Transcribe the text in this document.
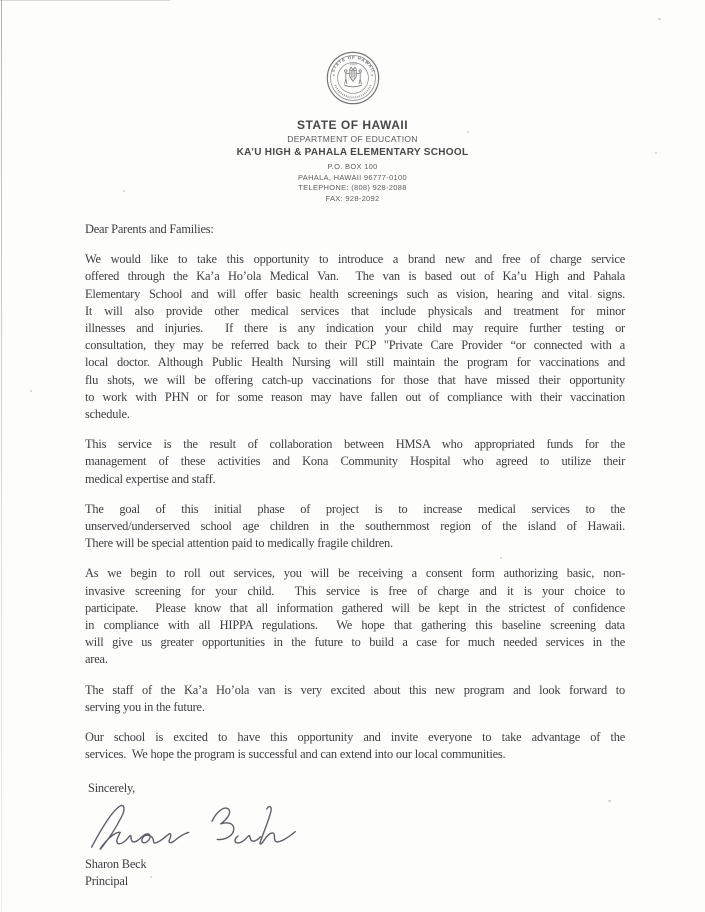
STATE OF HAWAII
1959
STATE OF HAWAII
DEPARTMENT OF EDUCATION
KA’U HIGH & PAHALA ELEMENTARY SCHOOL
P.O. BOX 100
PAHALA, HAWAII 96777-0100
TELEPHONE: (808) 928-2088
FAX: 928-2092
Dear Parents and Families:
We would like to take this opportunity to introduce a brand new and free of charge service
offered through the Ka’a Ho’ola Medical Van.  The van is based out of Ka’u High and Pahala
Elementary School and will offer basic health screenings such as vision, hearing and vital signs.
It will also provide other medical services that include physicals and treatment for minor
illnesses and injuries.  If there is any indication your child may require further testing or
consultation, they may be referred back to their PCP "Private Care Provider “or connected with a
local doctor. Although Public Health Nursing will still maintain the program for vaccinations and
flu shots, we will be offering catch-up vaccinations for those that have missed their opportunity
to work with PHN or for some reason may have fallen out of compliance with their vaccination
schedule.
This service is the result of collaboration between HMSA who appropriated funds for the
management of these activities and Kona Community Hospital who agreed to utilize their
medical expertise and staff.
The goal of this initial phase of project is to increase medical services to the
unserved/underserved school age children in the southernmost region of the island of Hawaii.
There will be special attention paid to medically fragile children.
As we begin to roll out services, you will be receiving a consent form authorizing basic, non-
invasive screening for your child.  This service is free of charge and it is your choice to
participate.  Please know that all information gathered will be kept in the strictest of confidence
in compliance with all HIPPA regulations.  We hope that gathering this baseline screening data
will give us greater opportunities in the future to build a case for much needed services in the
area.
The staff of the Ka’a Ho’ola van is very excited about this new program and look forward to
serving you in the future.
Our school is excited to have this opportunity and invite everyone to take advantage of the
services.  We hope the program is successful and can extend into our local communities.
Sincerely,
Sharon Beck
Principal
